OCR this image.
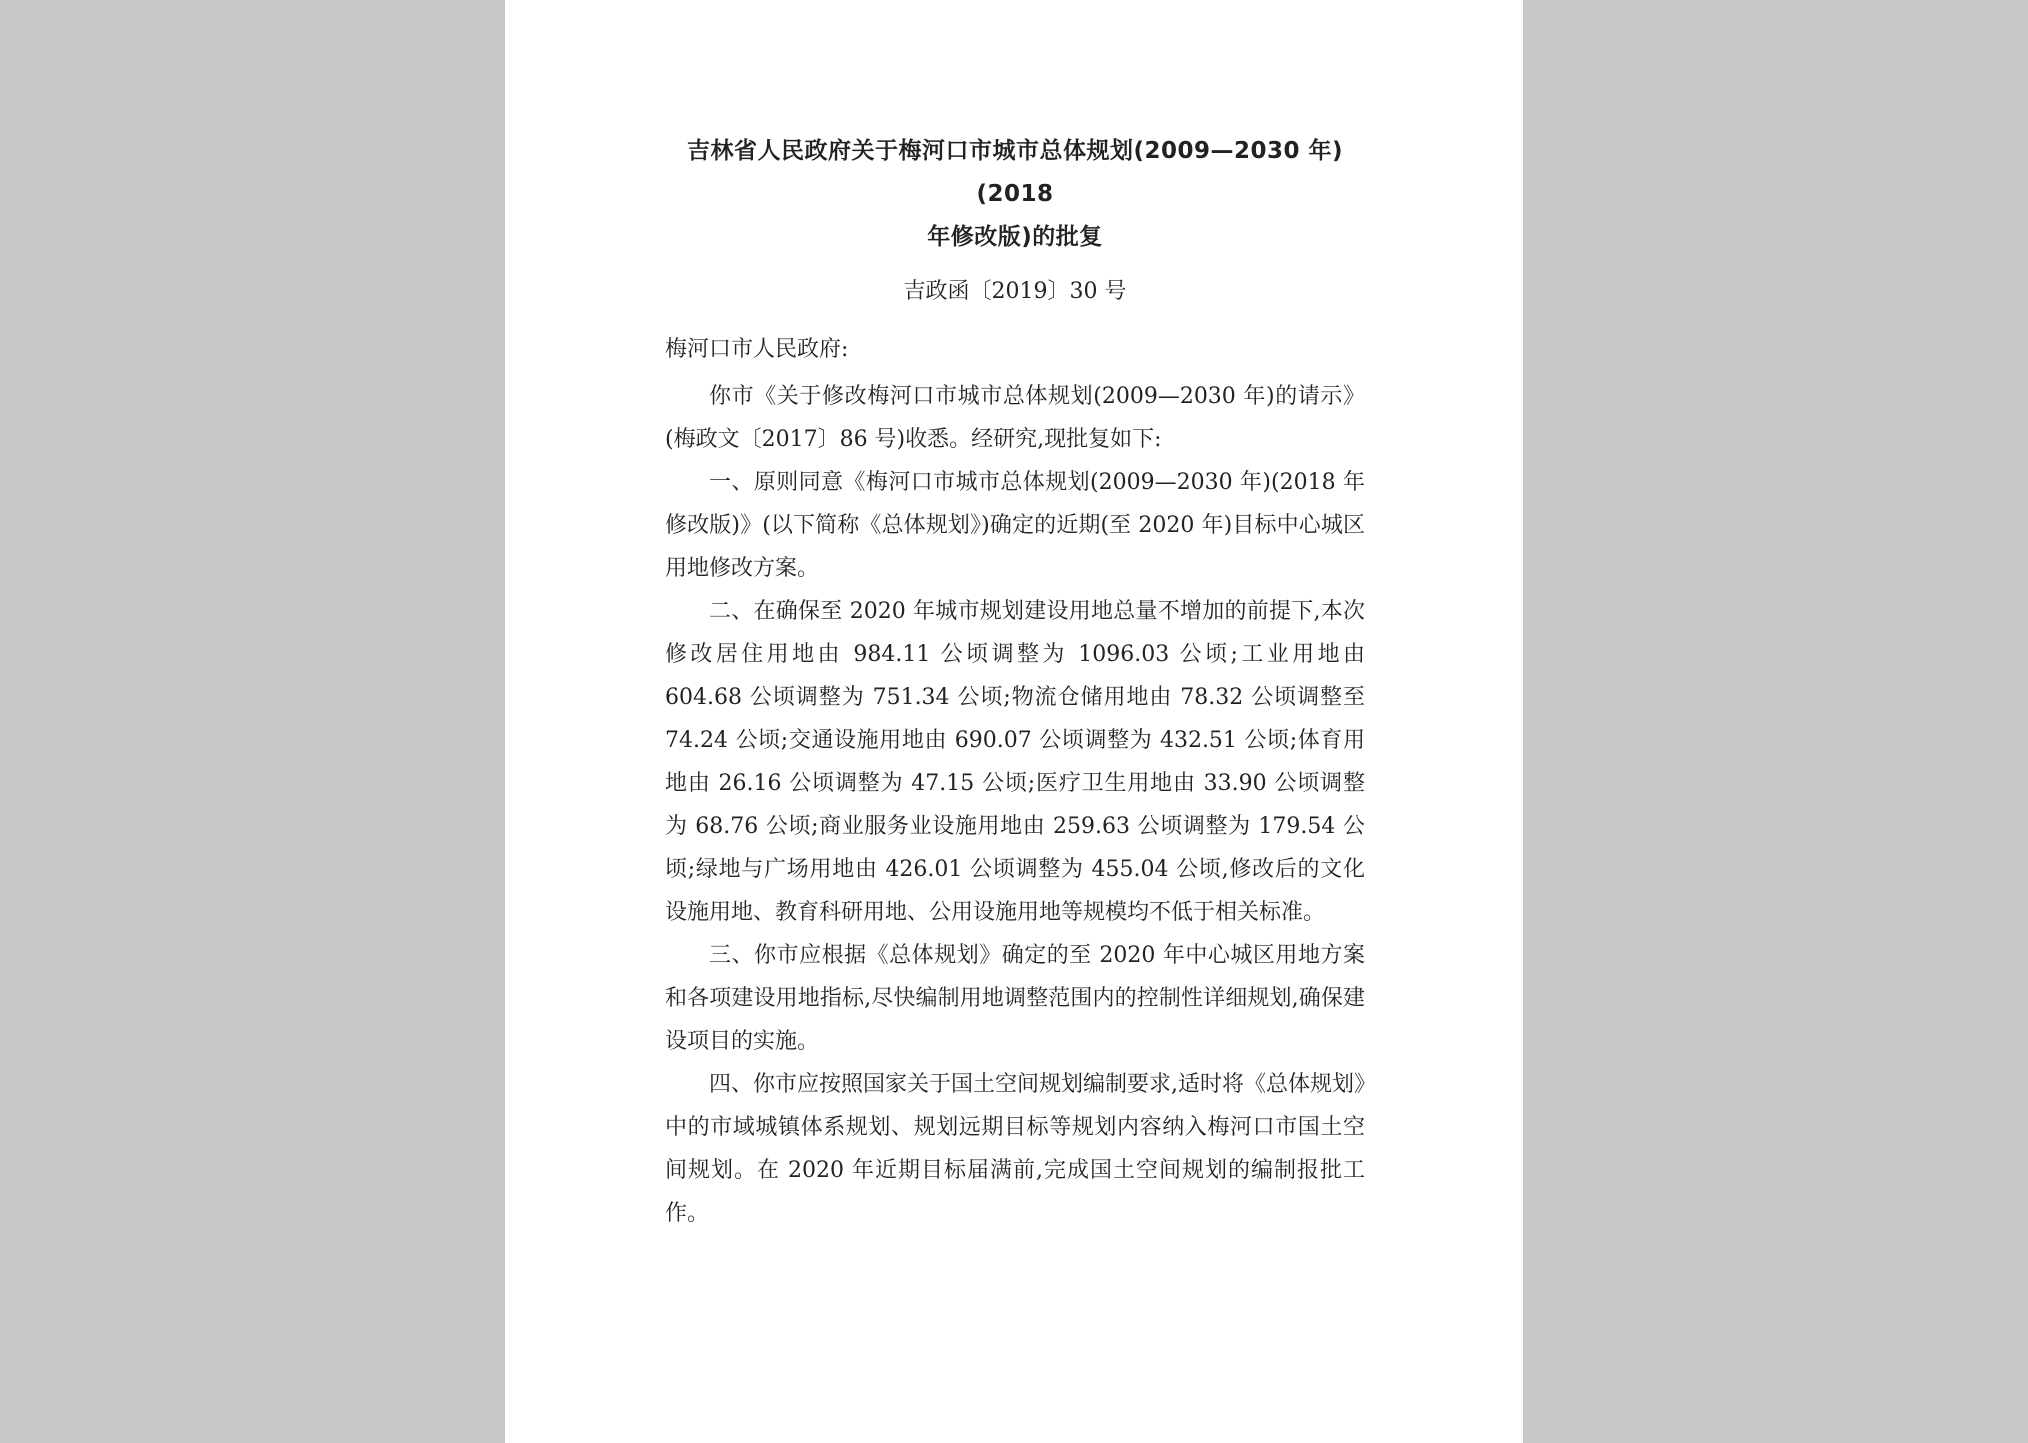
吉林省人民政府关于梅河口市城市总体规划(2009—2030 年)(2018
年修改版)的批复
吉政函〔2019〕30 号
梅河口市人民政府:

你市《关于修改梅河口市城市总体规划(2009—2030 年)的请示》(梅政文〔2017〕86 号)收悉。经研究,现批复如下:

一、原则同意《梅河口市城市总体规划(2009—2030 年)(2018 年修改版)》(以下简称《总体规划》)确定的近期(至 2020 年)目标中心城区用地修改方案。

二、在确保至 2020 年城市规划建设用地总量不增加的前提下,本次修改居住用地由 984.11 公顷调整为 1096.03 公顷;工业用地由 604.68 公顷调整为 751.34 公顷;物流仓储用地由 78.32 公顷调整至 74.24 公顷;交通设施用地由 690.07 公顷调整为 432.51 公顷;体育用地由 26.16 公顷调整为 47.15 公顷;医疗卫生用地由 33.90 公顷调整为 68.76 公顷;商业服务业设施用地由 259.63 公顷调整为 179.54 公顷;绿地与广场用地由 426.01 公顷调整为 455.04 公顷,修改后的文化设施用地、教育科研用地、公用设施用地等规模均不低于相关标准。

三、你市应根据《总体规划》确定的至 2020 年中心城区用地方案和各项建设用地指标,尽快编制用地调整范围内的控制性详细规划,确保建设项目的实施。

四、你市应按照国家关于国土空间规划编制要求,适时将《总体规划》中的市域城镇体系规划、规划远期目标等规划内容纳入梅河口市国土空间规划。在 2020 年近期目标届满前,完成国土空间规划的编制报批工作。
